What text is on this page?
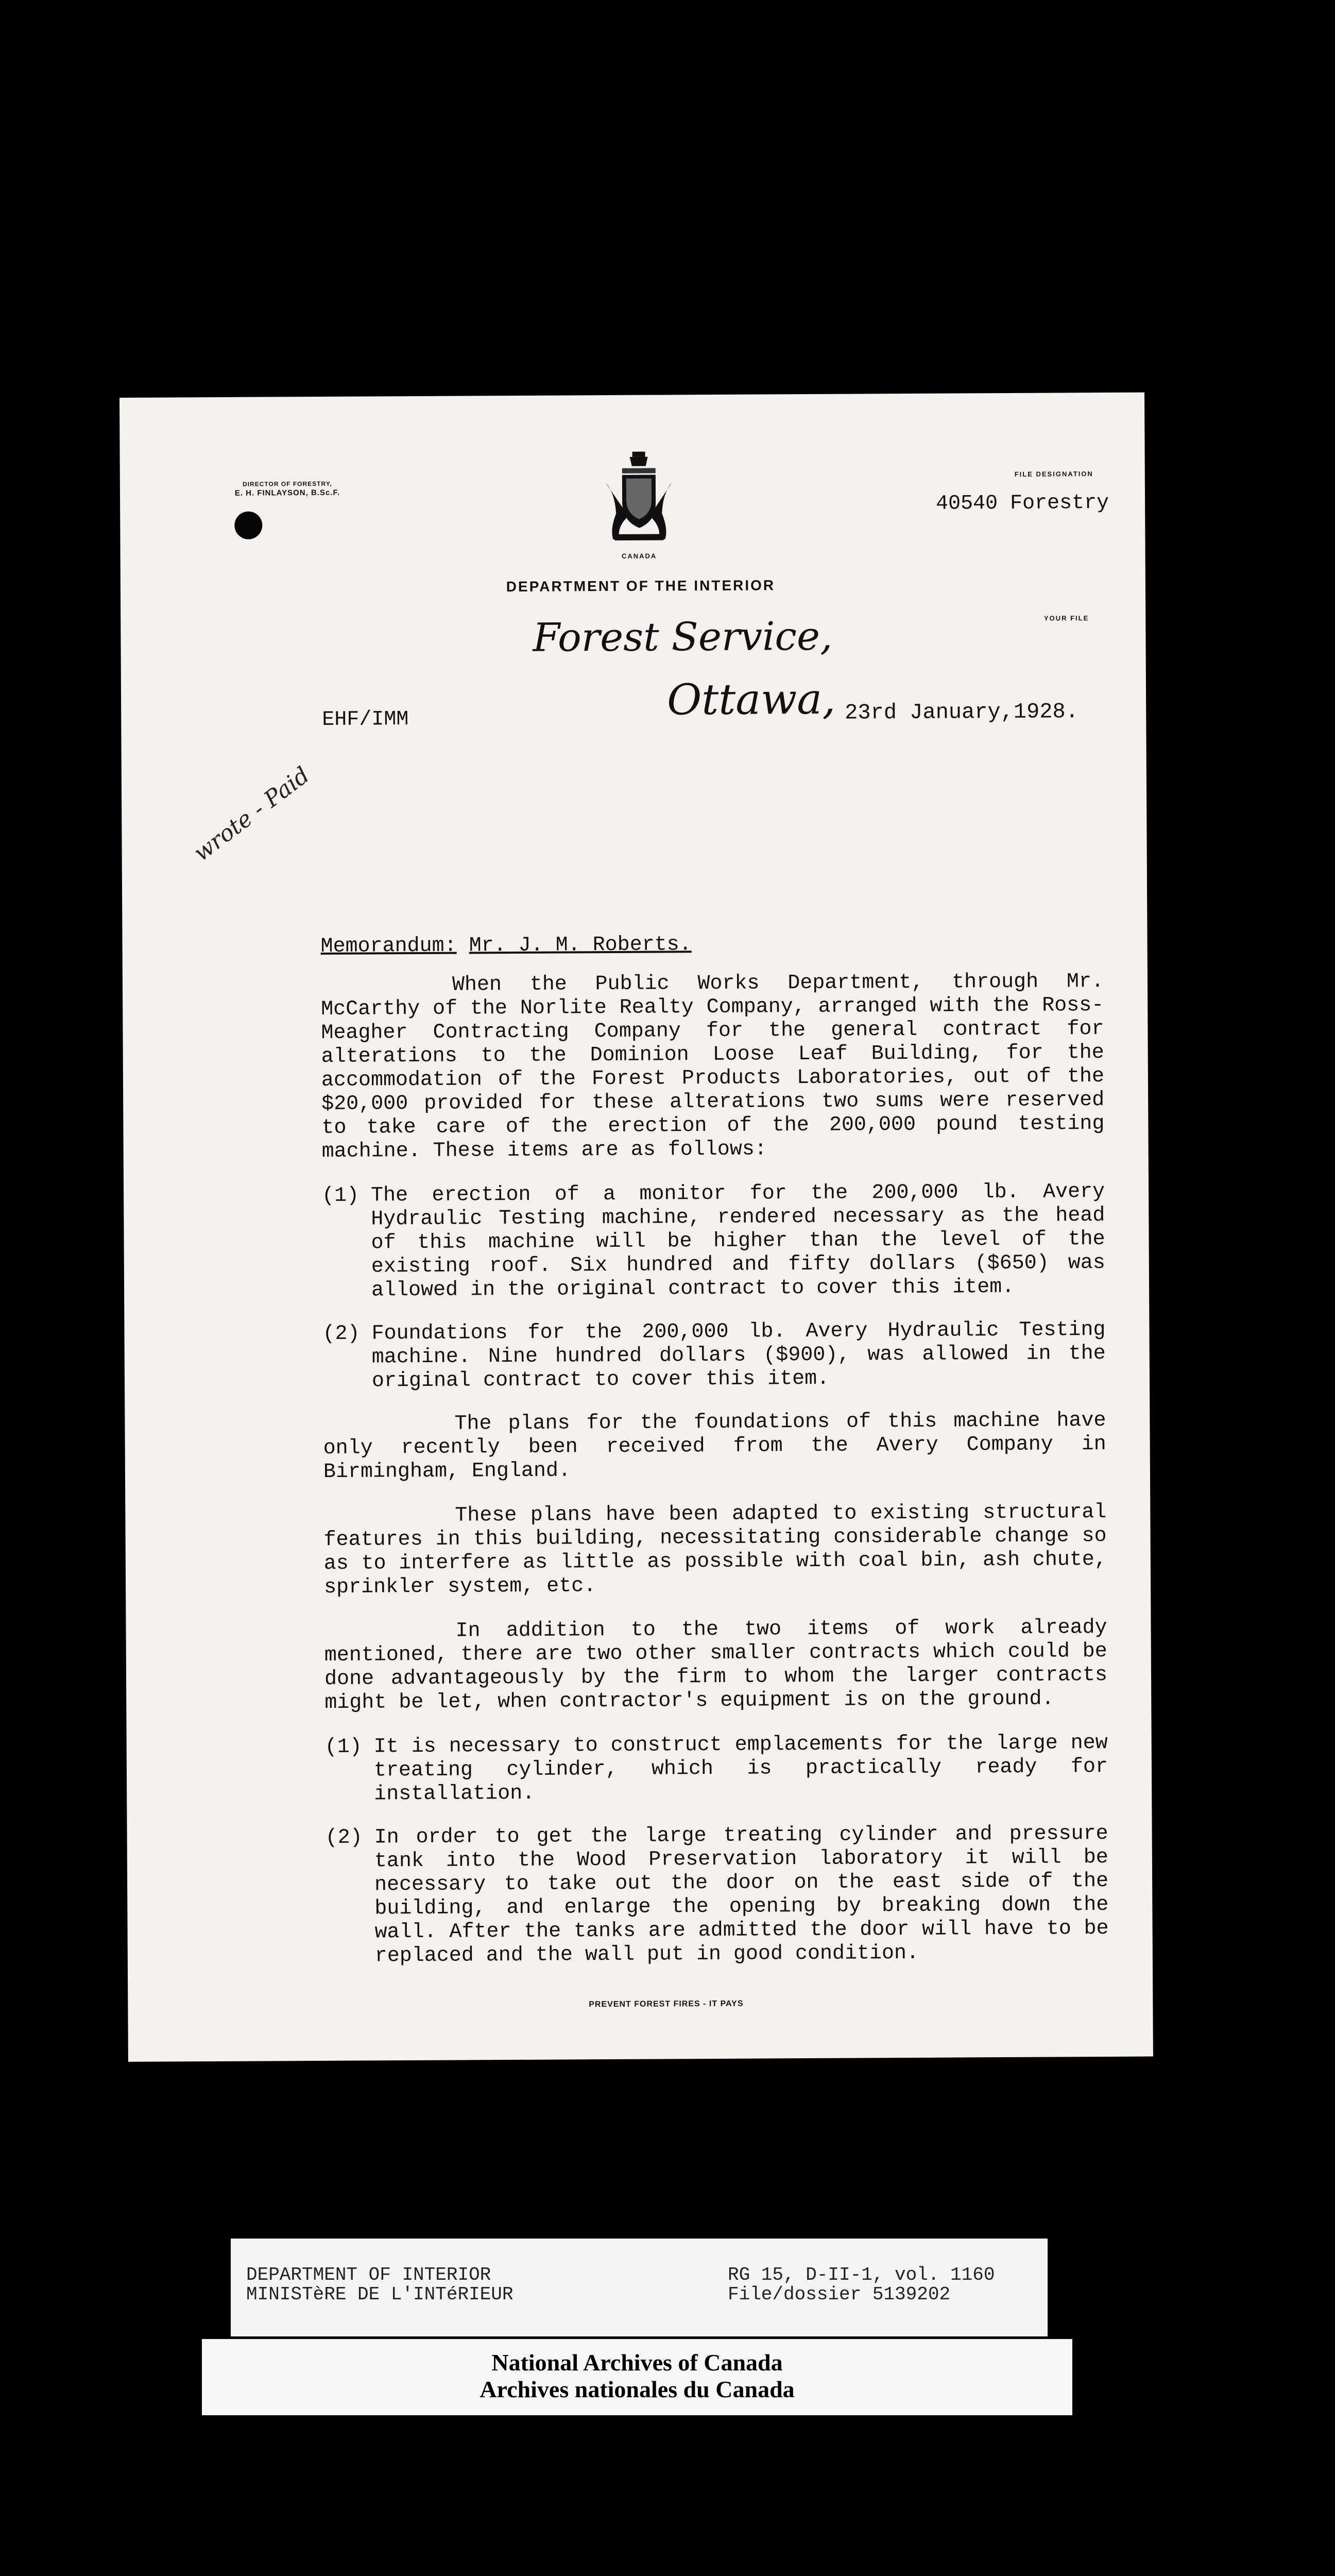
DIRECTOR OF FORESTRY,
E. H. FINLAYSON, B.Sc.F.
CANADA
DEPARTMENT OF THE INTERIOR
FILE DESIGNATION
40540 Forestry
YOUR FILE
Forest Service,
Ottawa,
EHF/IMM	23rd January,1928.
wrote - Paid
Memorandum: Mr. J. M. Roberts.

When the Public Works Department, through Mr. McCarthy of the Norlite Realty Company, arranged with the Ross-Meagher Contracting Company for the general contract for alterations to the Dominion Loose Leaf Building, for the accommodation of the Forest Products Laboratories, out of the $20,000 provided for these alterations two sums were reserved to take care of the erection of the 200,000 pound testing machine. These items are as follows:

(1) The erection of a monitor for the 200,000 lb. Avery Hydraulic Testing machine, rendered necessary as the head of this machine will be higher than the level of the existing roof. Six hundred and fifty dollars ($650) was allowed in the original contract to cover this item.
(2) Foundations for the 200,000 lb. Avery Hydraulic Testing machine. Nine hundred dollars ($900), was allowed in the original contract to cover this item.

The plans for the foundations of this machine have only recently been received from the Avery Company in Birmingham, England.

These plans have been adapted to existing structural features in this building, necessitating considerable change so as to interfere as little as possible with coal bin, ash chute, sprinkler system, etc.

In addition to the two items of work already mentioned, there are two other smaller contracts which could be done advantageously by the firm to whom the larger contracts might be let, when contractor's equipment is on the ground.

(1) It is necessary to construct emplacements for the large new treating cylinder, which is practically ready for installation.
(2) In order to get the large treating cylinder and pressure tank into the Wood Preservation laboratory it will be necessary to take out the door on the east side of the building, and enlarge the opening by breaking down the wall. After the tanks are admitted the door will have to be replaced and the wall put in good condition.
PREVENT FOREST FIRES - IT PAYS
DEPARTMENT OF INTERIOR
MINISTèRE DE L'INTéRIEUR
RG 15, D-II-1, vol. 1160
File/dossier 5139202
National Archives of Canada
Archives nationales du Canada
